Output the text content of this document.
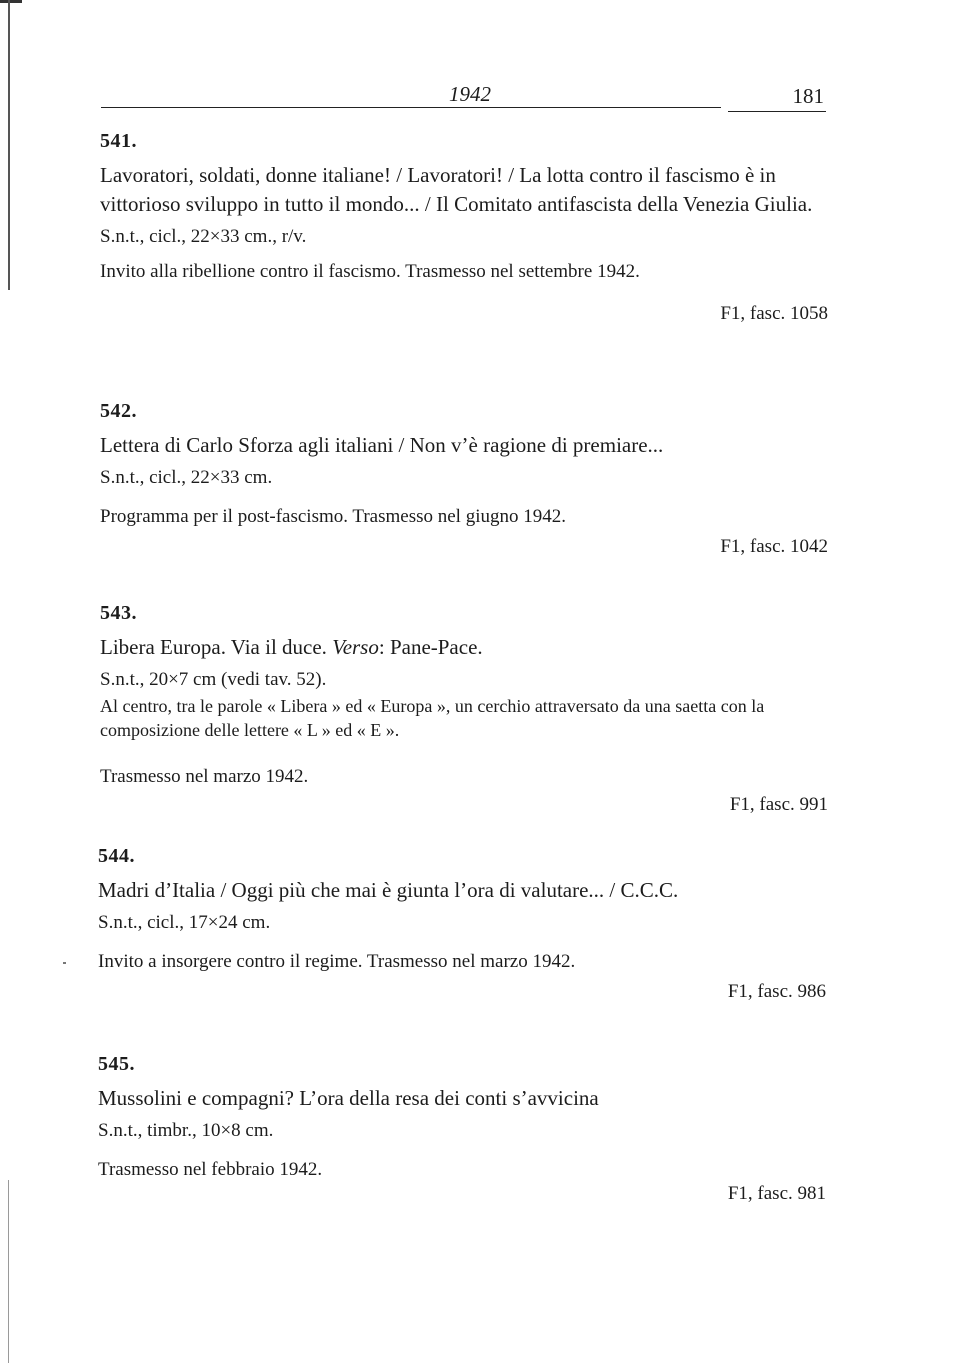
1942	181

541.

Lavoratori, soldati, donne italiane! / Lavoratori! / La lotta contro il fascismo è in vittorioso sviluppo in tutto il mondo... / Il Comitato antifascista della Venezia Giulia.

S.n.t., cicl., 22×33 cm., r/v.

Invito alla ribellione contro il fascismo. Trasmesso nel settembre 1942.

F1, fasc. 1058

542.

Lettera di Carlo Sforza agli italiani / Non v’è ragione di premiare...

S.n.t., cicl., 22×33 cm.

Programma per il post-fascismo. Trasmesso nel giugno 1942.

F1, fasc. 1042

543.

Libera Europa. Via il duce. Verso: Pane-Pace.

S.n.t., 20×7 cm (vedi tav. 52).

Al centro, tra le parole « Libera » ed « Europa », un cerchio attraversato da una saetta con la composizione delle lettere « L » ed « E ».

Trasmesso nel marzo 1942.

F1, fasc. 991

544.

Madri d’Italia / Oggi più che mai è giunta l’ora di valutare... / C.C.C.

S.n.t., cicl., 17×24 cm.

Invito a insorgere contro il regime. Trasmesso nel marzo 1942.

F1, fasc. 986

545.

Mussolini e compagni? L’ora della resa dei conti s’avvicina

S.n.t., timbr., 10×8 cm.

Trasmesso nel febbraio 1942.

F1, fasc. 981
